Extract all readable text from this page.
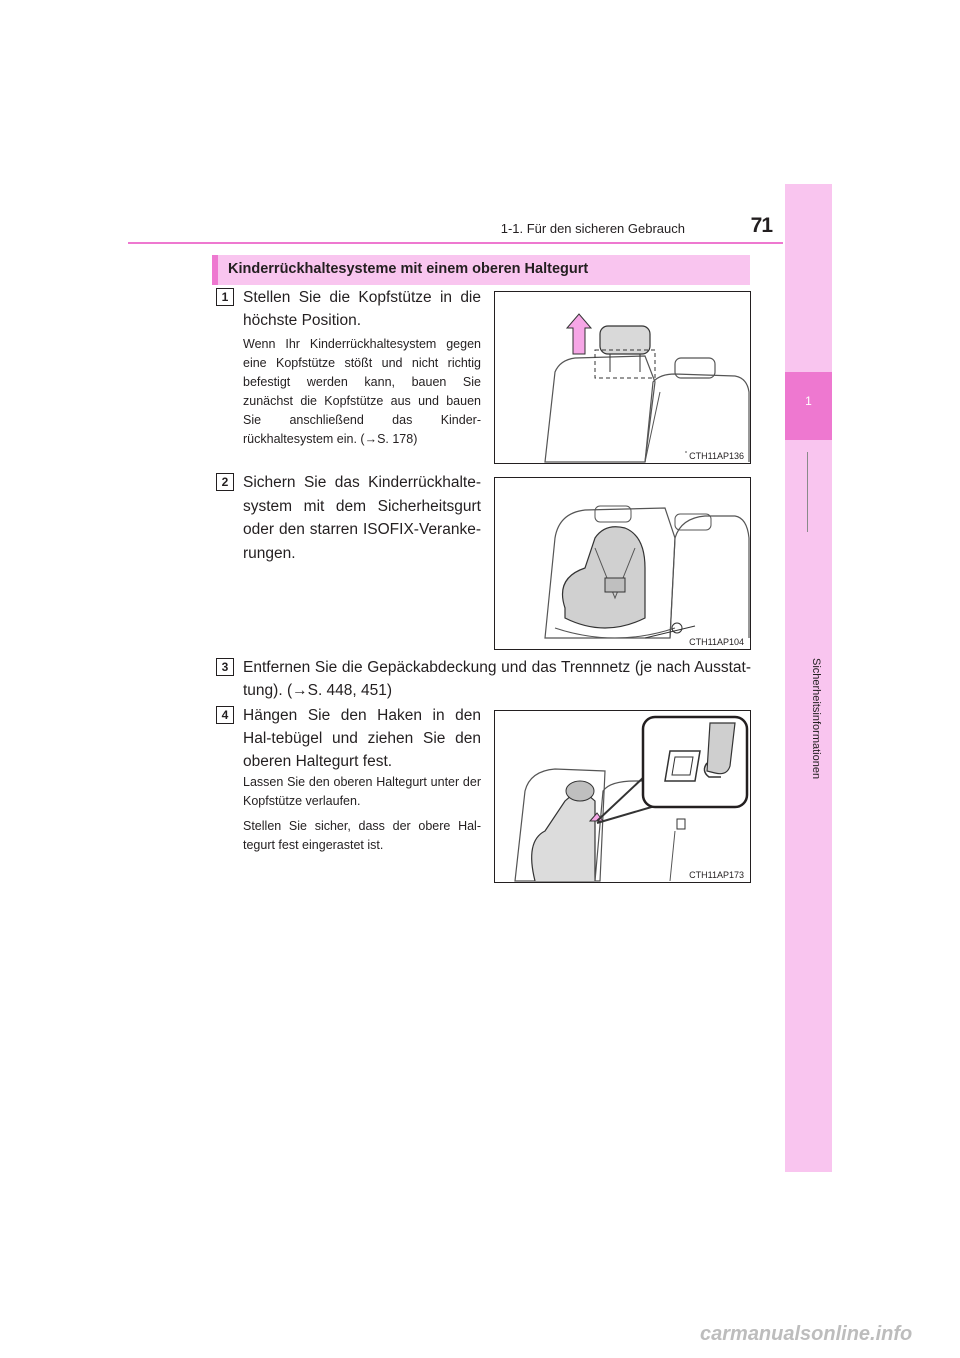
1-1. Für den sicheren Gebrauch	71
1
Sicherheitsinformationen
Kinderrückhaltesysteme mit einem oberen Haltegurt
1 Stellen Sie die Kopfstütze in die höchste Position.
Wenn Ihr Kinderrückhaltesystem gegen eine Kopfstütze stößt und nicht richtig befestigt werden kann, bauen Sie zunächst die Kopfstütze aus und bauen Sie anschließend das Kinder-rückhaltesystem ein. (→S. 178)
CTH11AP136
2 Sichern Sie das Kinderrückhalte-system mit dem Sicherheitsgurt oder den starren ISOFIX-Veranke-rungen.
CTH11AP104
3 Entfernen Sie die Gepäckabdeckung und das Trennnetz (je nach Ausstat-tung). (→S. 448, 451)
4 Hängen Sie den Haken in den Hal-tebügel und ziehen Sie den oberen Haltegurt fest.
Lassen Sie den oberen Haltegurt unter der Kopfstütze verlaufen.
Stellen Sie sicher, dass der obere Hal-tegurt fest eingerastet ist.
CTH11AP173
carmanualsonline.info
